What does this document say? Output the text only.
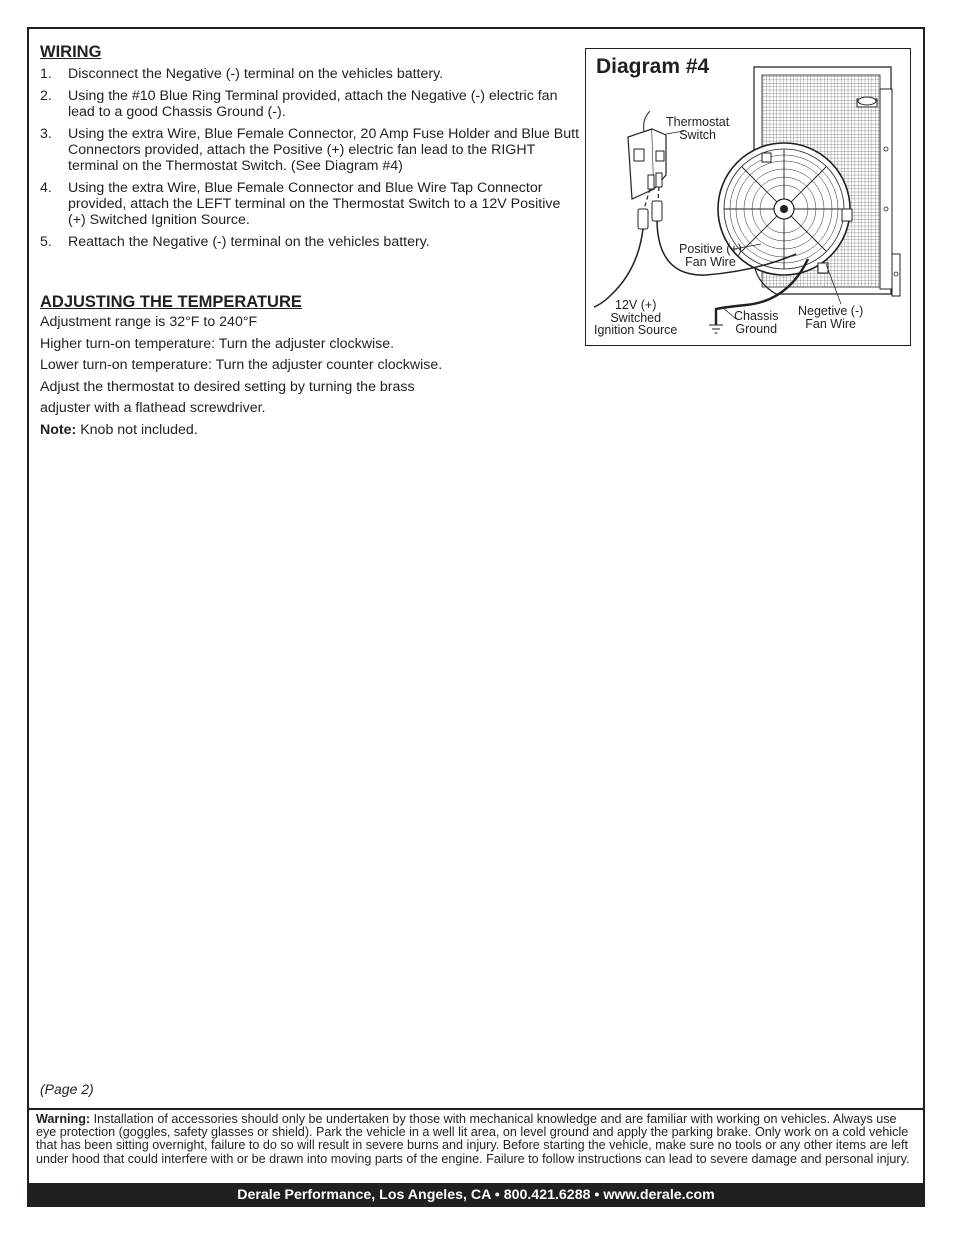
WIRING
1. Disconnect the Negative (-) terminal on the vehicles battery.
2. Using the #10 Blue Ring Terminal provided, attach the Negative (-) electric fan lead to a good Chassis Ground (-).
3. Using the extra Wire, Blue Female Connector, 20 Amp Fuse Holder and Blue Butt Connectors provided, attach the Positive (+) electric fan lead to the RIGHT terminal on the Thermostat Switch. (See Diagram #4)
4. Using the extra Wire, Blue Female Connector and Blue Wire Tap Connector provided, attach the LEFT terminal on the Thermostat Switch to a 12V Positive (+) Switched Ignition Source.
5. Reattach the Negative (-) terminal on the vehicles battery.
ADJUSTING THE TEMPERATURE

Adjustment range is 32°F to 240°F

Higher turn-on temperature: Turn the adjuster clockwise.

Lower turn-on temperature: Turn the adjuster counter clockwise.

Adjust the thermostat to desired setting by turning the brass

adjuster with a flathead screwdriver.

Note: Knob not included.

Diagram #4
Thermostat
Switch
Positive (+)
Fan Wire
12V (+)
Switched
Ignition Source
Chassis
Ground
Negetive (-)
Fan Wire
(Page 2)
Warning: Installation of accessories should only be undertaken by those with mechanical knowledge and are familiar with working on vehicles. Always use eye protection (goggles, safety glasses or shield). Park the vehicle in a well lit area, on level ground and apply the parking brake. Only work on a cold vehicle that has been sitting overnight, failure to do so will result in severe burns and injury. Before starting the vehicle, make sure no tools or any other items are left under hood that could interfere with or be drawn into moving parts of the engine. Failure to follow instructions can lead to severe damage and personal injury.
Derale Performance, Los Angeles, CA • 800.421.6288 • www.derale.com
